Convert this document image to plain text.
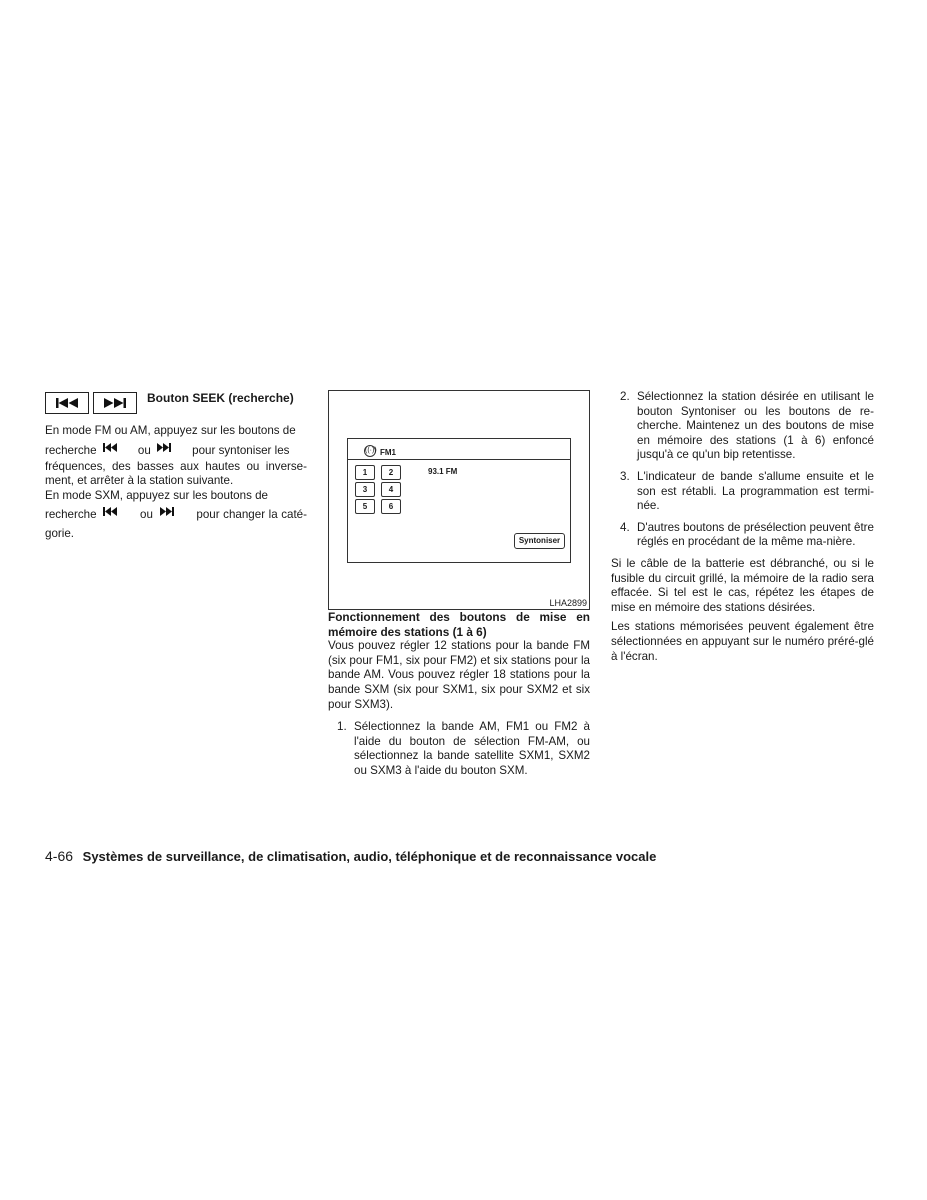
Bouton SEEK (recherche)

En mode FM ou AM, appuyez sur les boutons de
recherche	ou	pour syntoniser les
fréquences, des basses aux hautes ou inverse-ment, et arrêter à la station suivante.

En mode SXM, appuyez sur les boutons de
recherche	ou	pour changer la caté-gorie.

((·)) FM1
1	2
3	4
5	6
93.1 FM
Syntoniser
LHA2899

Fonctionnement des boutons de mise en mémoire des stations (1 à 6)

Vous pouvez régler 12 stations pour la bande FM (six pour FM1, six pour FM2) et six stations pour la bande AM. Vous pouvez régler 18 stations pour la bande SXM (six pour SXM1, six pour SXM2 et six pour SXM3).

1. Sélectionnez la bande AM, FM1 ou FM2 à l'aide du bouton de sélection FM-AM, ou sélectionnez la bande satellite SXM1, SXM2 ou SXM3 à l'aide du bouton SXM.
2. Sélectionnez la station désirée en utilisant le bouton Syntoniser ou les boutons de re-cherche. Maintenez un des boutons de mise en mémoire des stations (1 à 6) enfoncé jusqu'à ce qu'un bip retentisse.
3. L'indicateur de bande s'allume ensuite et le son est rétabli. La programmation est termi-née.
4. D'autres boutons de présélection peuvent être réglés en procédant de la même ma-nière.

Si le câble de la batterie est débranché, ou si le fusible du circuit grillé, la mémoire de la radio sera effacée. Si tel est le cas, répétez les étapes de mise en mémoire des stations désirées.

Les stations mémorisées peuvent également être sélectionnées en appuyant sur le numéro préré-glé à l'écran.

4-66 Systèmes de surveillance, de climatisation, audio, téléphonique et de reconnaissance vocale
